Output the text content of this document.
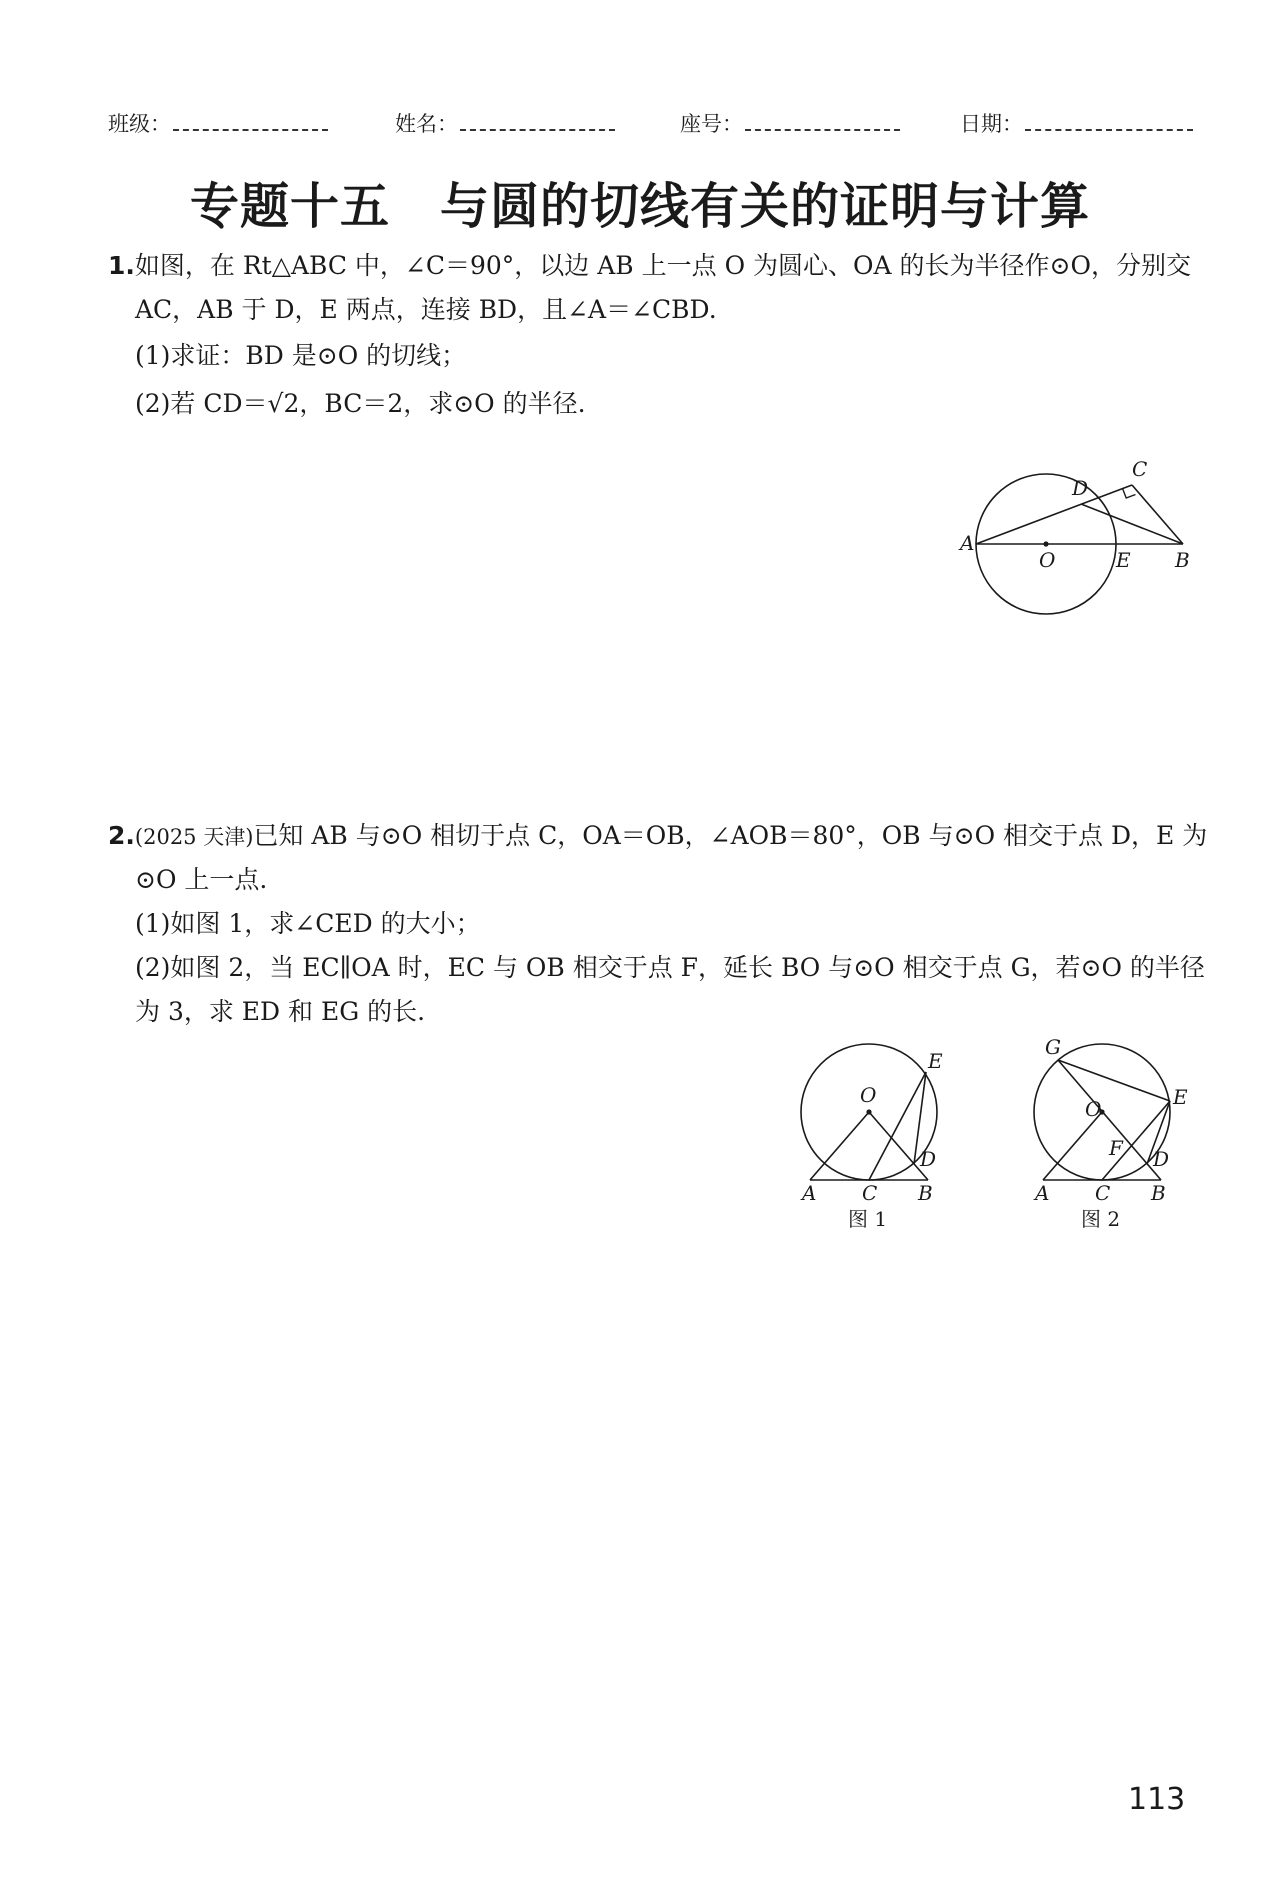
班级：	姓名：	座号：	日期：
专题十五 与圆的切线有关的证明与计算
1.如图，在 Rt△ABC 中，∠C＝90°，以边 AB 上一点 O 为圆心、OA 的长为半径作⊙O，分别交
AC，AB 于 D，E 两点，连接 BD，且∠A＝∠CBD.
(1)求证：BD 是⊙O 的切线；
(2)若 CD＝√2，BC＝2，求⊙O 的半径.
A
O	E B
D
C
2.(2025 天津)已知 AB 与⊙O 相切于点 C，OA＝OB，∠AOB＝80°，OB 与⊙O 相交于点 D，E 为
⊙O 上一点.
(1)如图 1，求∠CED 的大小；
(2)如图 2，当 EC∥OA 时，EC 与 OB 相交于点 F，延长 BO 与⊙O 相交于点 G，若⊙O 的半径
为 3，求 ED 和 EG 的长.
O
E
D
A C B
图 1
G
O	E
F D
A C B
图 2
113
